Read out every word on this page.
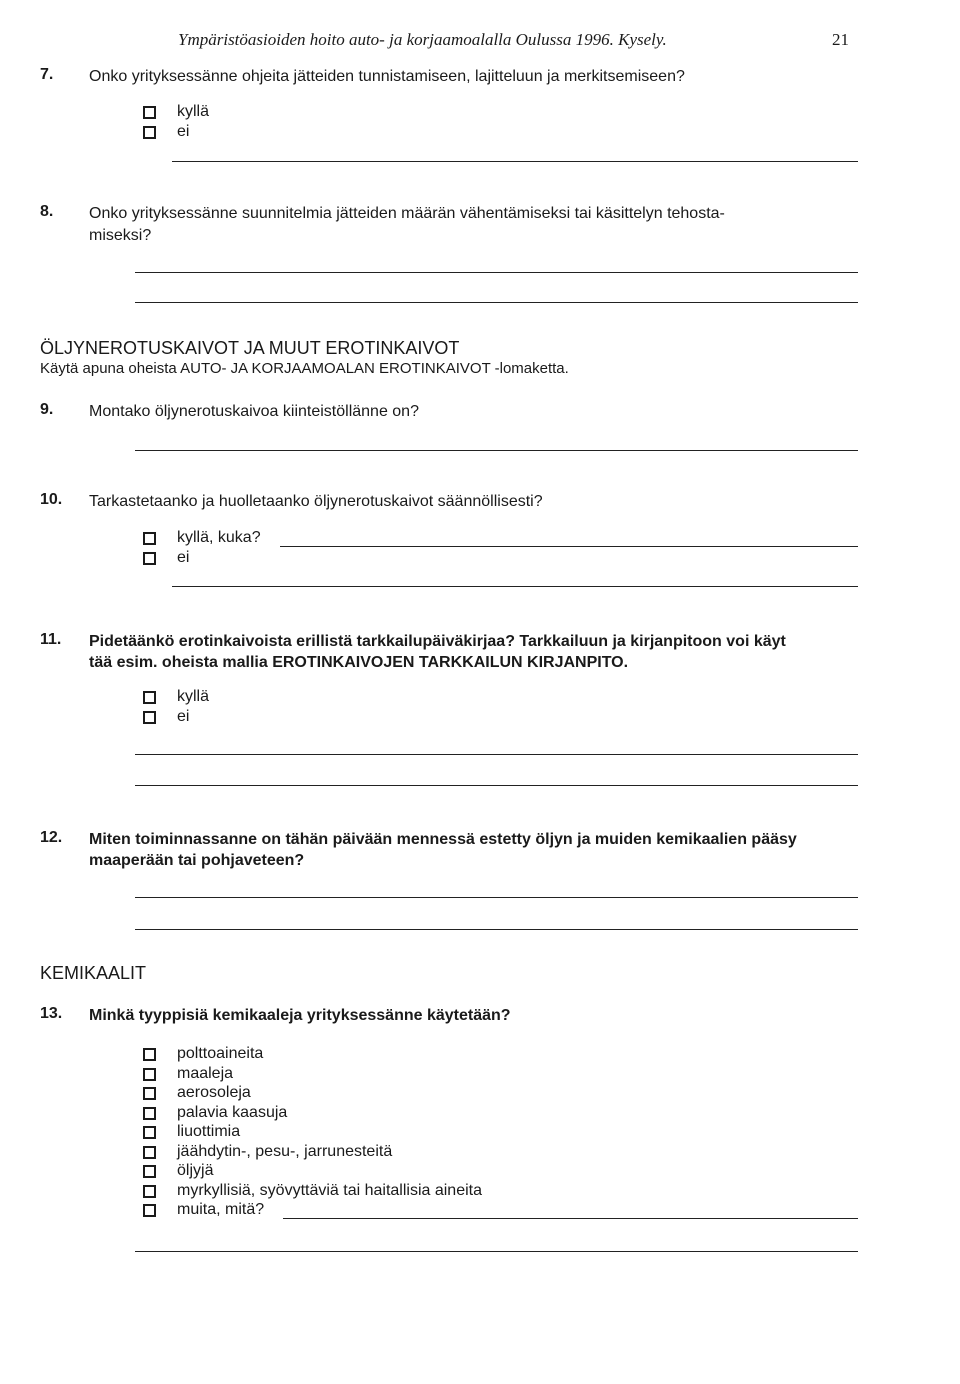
Ympäristöasioiden hoito auto- ja korjaamoalalla Oulussa 1996. Kysely.	21
7. Onko yrityksessänne ohjeita jätteiden tunnistamiseen, lajitteluun ja merkitsemiseen?
kyllä
ei
8. Onko yrityksessänne suunnitelmia jätteiden määrän vähentämiseksi tai käsittelyn tehosta-
miseksi?
ÖLJYNEROTUSKAIVOT JA MUUT EROTINKAIVOT
Käytä apuna oheista AUTO- JA KORJAAMOALAN EROTINKAIVOT -lomaketta.
9. Montako öljynerotuskaivoa kiinteistöllänne on?
10. Tarkastetaanko ja huolletaanko öljynerotuskaivot säännöllisesti?
kyllä, kuka?
ei
11. Pidetäänkö erotinkaivoista erillistä tarkkailupäiväkirjaa? Tarkkailuun ja kirjanpitoon voi käyt
tää esim. oheista mallia EROTINKAIVOJEN TARKKAILUN KIRJANPITO.
kyllä
ei
12. Miten toiminnassanne on tähän päivään mennessä estetty öljyn ja muiden kemikaalien pääsy
maaperään tai pohjaveteen?
KEMIKAALIT
13. Minkä tyyppisiä kemikaaleja yrityksessänne käytetään?
polttoaineita
maaleja
aerosoleja
palavia kaasuja
liuottimia
jäähdytin-, pesu-, jarrunesteitä
öljyjä
myrkyllisiä, syövyttäviä tai haitallisia aineita
muita, mitä?
